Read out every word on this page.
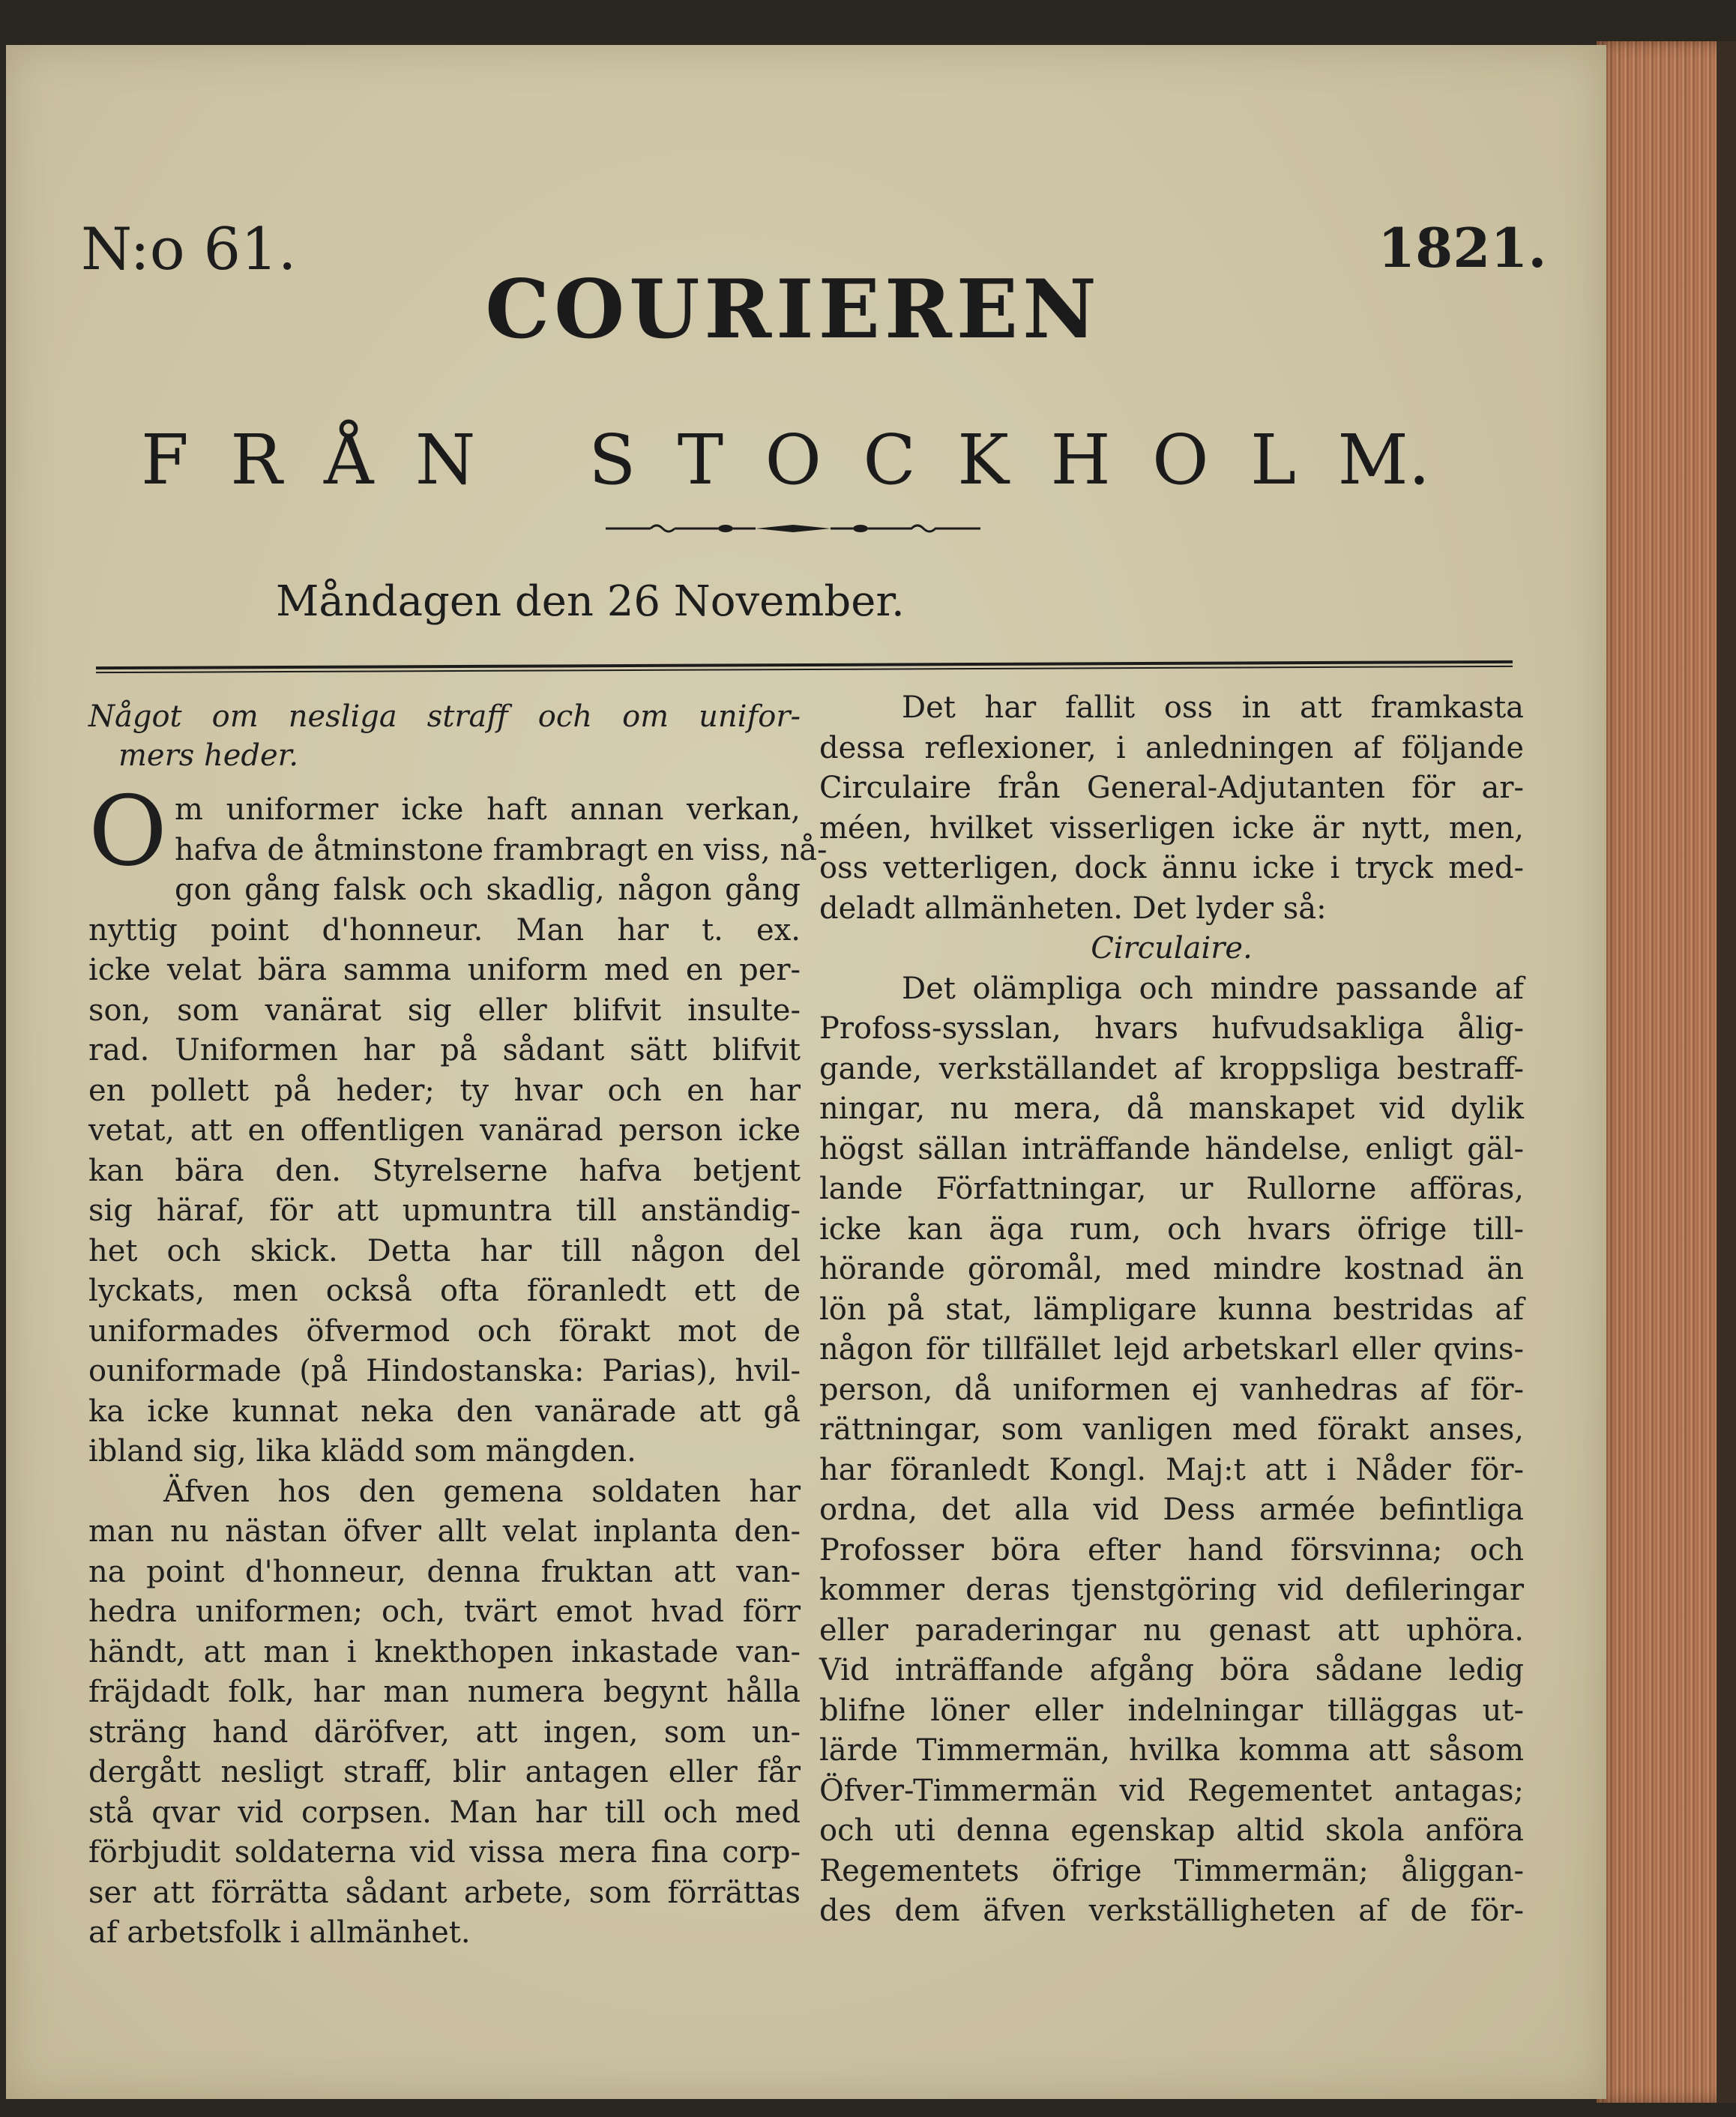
N:o 61.	1821.
COURIEREN
F R Å N S T O C K H O L M.
Måndagen den 26 November.

Något om nesliga straff och om unifor-
mers heder.

O m uniformer icke haft annan verkan,
hafva de åtminstone frambragt en viss, nå-
gon gång falsk och skadlig, någon gång
nyttig point d'honneur. Man har t. ex.
icke velat bära samma uniform med en per-
son, som vanärat sig eller blifvit insulte-
rad. Uniformen har på sådant sätt blifvit
en pollett på heder; ty hvar och en har
vetat, att en offentligen vanärad person icke
kan bära den. Styrelserne hafva betjent
sig häraf, för att upmuntra till anständig-
het och skick. Detta har till någon del
lyckats, men också ofta föranledt ett de
uniformades öfvermod och förakt mot de
ouniformade (på Hindostanska: Parias), hvil-
ka icke kunnat neka den vanärade att gå
ibland sig, lika klädd som mängden.
Äfven hos den gemena soldaten har
man nu nästan öfver allt velat inplanta den-
na point d'honneur, denna fruktan att van-
hedra uniformen; och, tvärt emot hvad förr
händt, att man i knekthopen inkastade van-
fräjdadt folk, har man numera begynt hålla
sträng hand däröfver, att ingen, som un-
dergått nesligt straff, blir antagen eller får
stå qvar vid corpsen. Man har till och med
förbjudit soldaterna vid vissa mera fina corp-
ser att förrätta sådant arbete, som förrättas
af arbetsfolk i allmänhet.
Det har fallit oss in att framkasta
dessa reflexioner, i anledningen af följande
Circulaire från General-Adjutanten för ar-
méen, hvilket visserligen icke är nytt, men,
oss vetterligen, dock ännu icke i tryck med-
deladt allmänheten. Det lyder så:

Circulaire.

Det olämpliga och mindre passande af
Profoss-sysslan, hvars hufvudsakliga ålig-
gande, verkställandet af kroppsliga bestraff-
ningar, nu mera, då manskapet vid dylik
högst sällan inträffande händelse, enligt gäl-
lande Författningar, ur Rullorne afföras,
icke kan äga rum, och hvars öfrige till-
hörande göromål, med mindre kostnad än
lön på stat, lämpligare kunna bestridas af
någon för tillfället lejd arbetskarl eller qvins-
person, då uniformen ej vanhedras af för-
rättningar, som vanligen med förakt anses,
har föranledt Kongl. Maj:t att i Nåder för-
ordna, det alla vid Dess armée befintliga
Profosser böra efter hand försvinna; och
kommer deras tjenstgöring vid defileringar
eller paraderingar nu genast att uphöra.
Vid inträffande afgång böra sådane ledig
blifne löner eller indelningar tilläggas ut-
lärde Timmermän, hvilka komma att såsom
Öfver-Timmermän vid Regementet antagas;
och uti denna egenskap altid skola anföra
Regementets öfrige Timmermän; åliggan-
des dem äfven verkställigheten af de för-
